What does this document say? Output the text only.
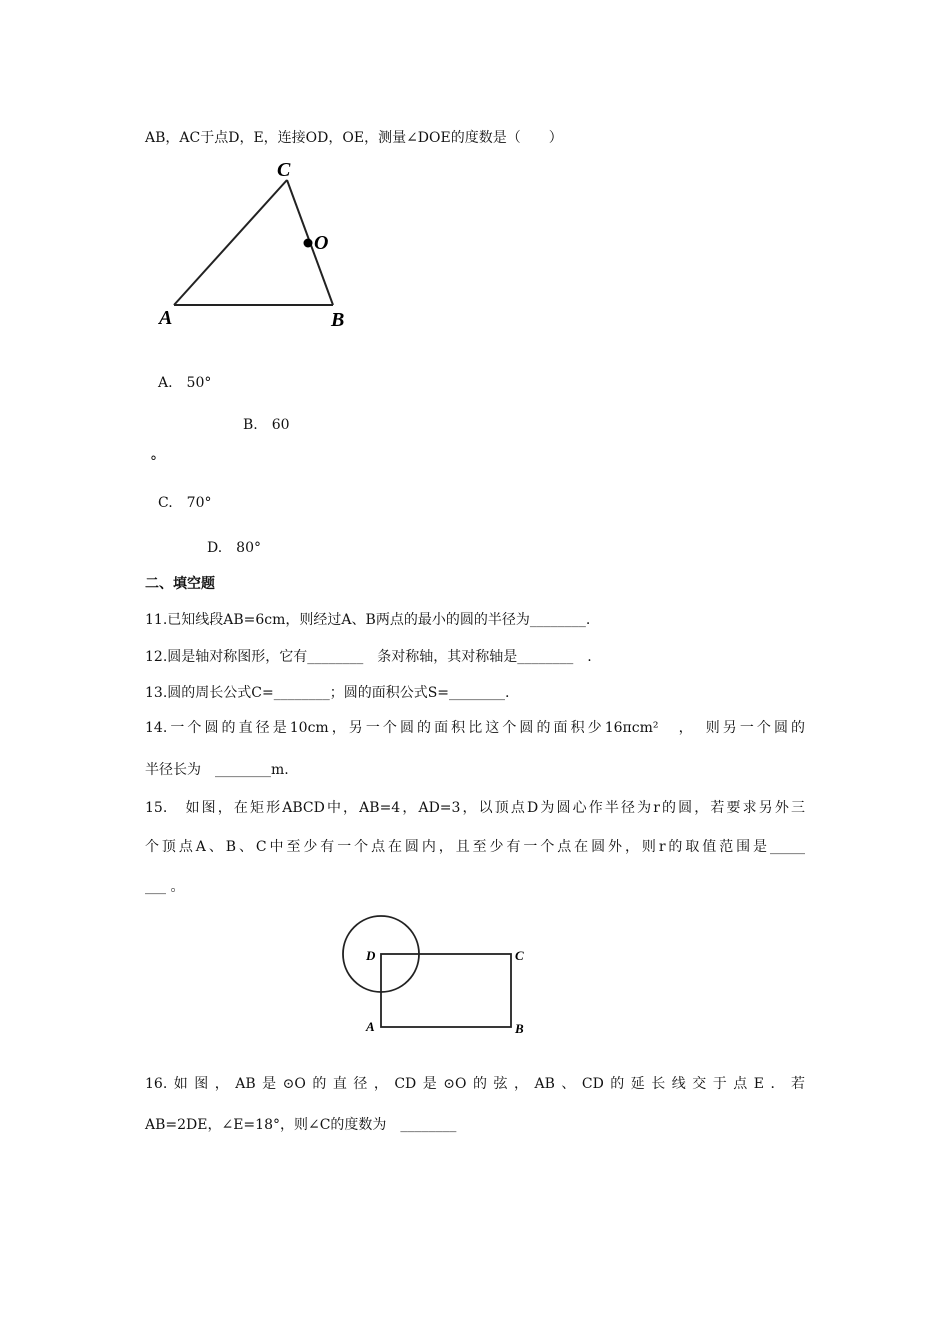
AB，AC于点D，E，连接OD，OE，测量∠DOE的度数是（　　）
C
O
A	B
A.　50°
B.　60
°
C.　70°
D.　80°
二、填空题
11.已知线段AB=6cm，则经过A、B两点的最小的圆的半径为________.
12.圆是轴对称图形，它有________　条对称轴，其对称轴是________　.
13.圆的周长公式C=________；圆的面积公式S=________.
14.一个圆的直径是10cm，另一个圆的面积比这个圆的面积少16πcm²　，　则另一个圆的
半径长为　________m.
15.　如图，在矩形ABCD中，AB=4，AD=3，以顶点D为圆心作半径为r的圆，若要求另外三
个顶点A、B、C中至少有一个点在圆内，且至少有一个点在圆外，则r的取值范围是_____
___ 。
D	C
A	B
16.如图，AB是⊙O的直径，CD是⊙O的弦，AB、CD的延长线交于点E．若
AB=2DE，∠E=18°，则∠C的度数为　________
